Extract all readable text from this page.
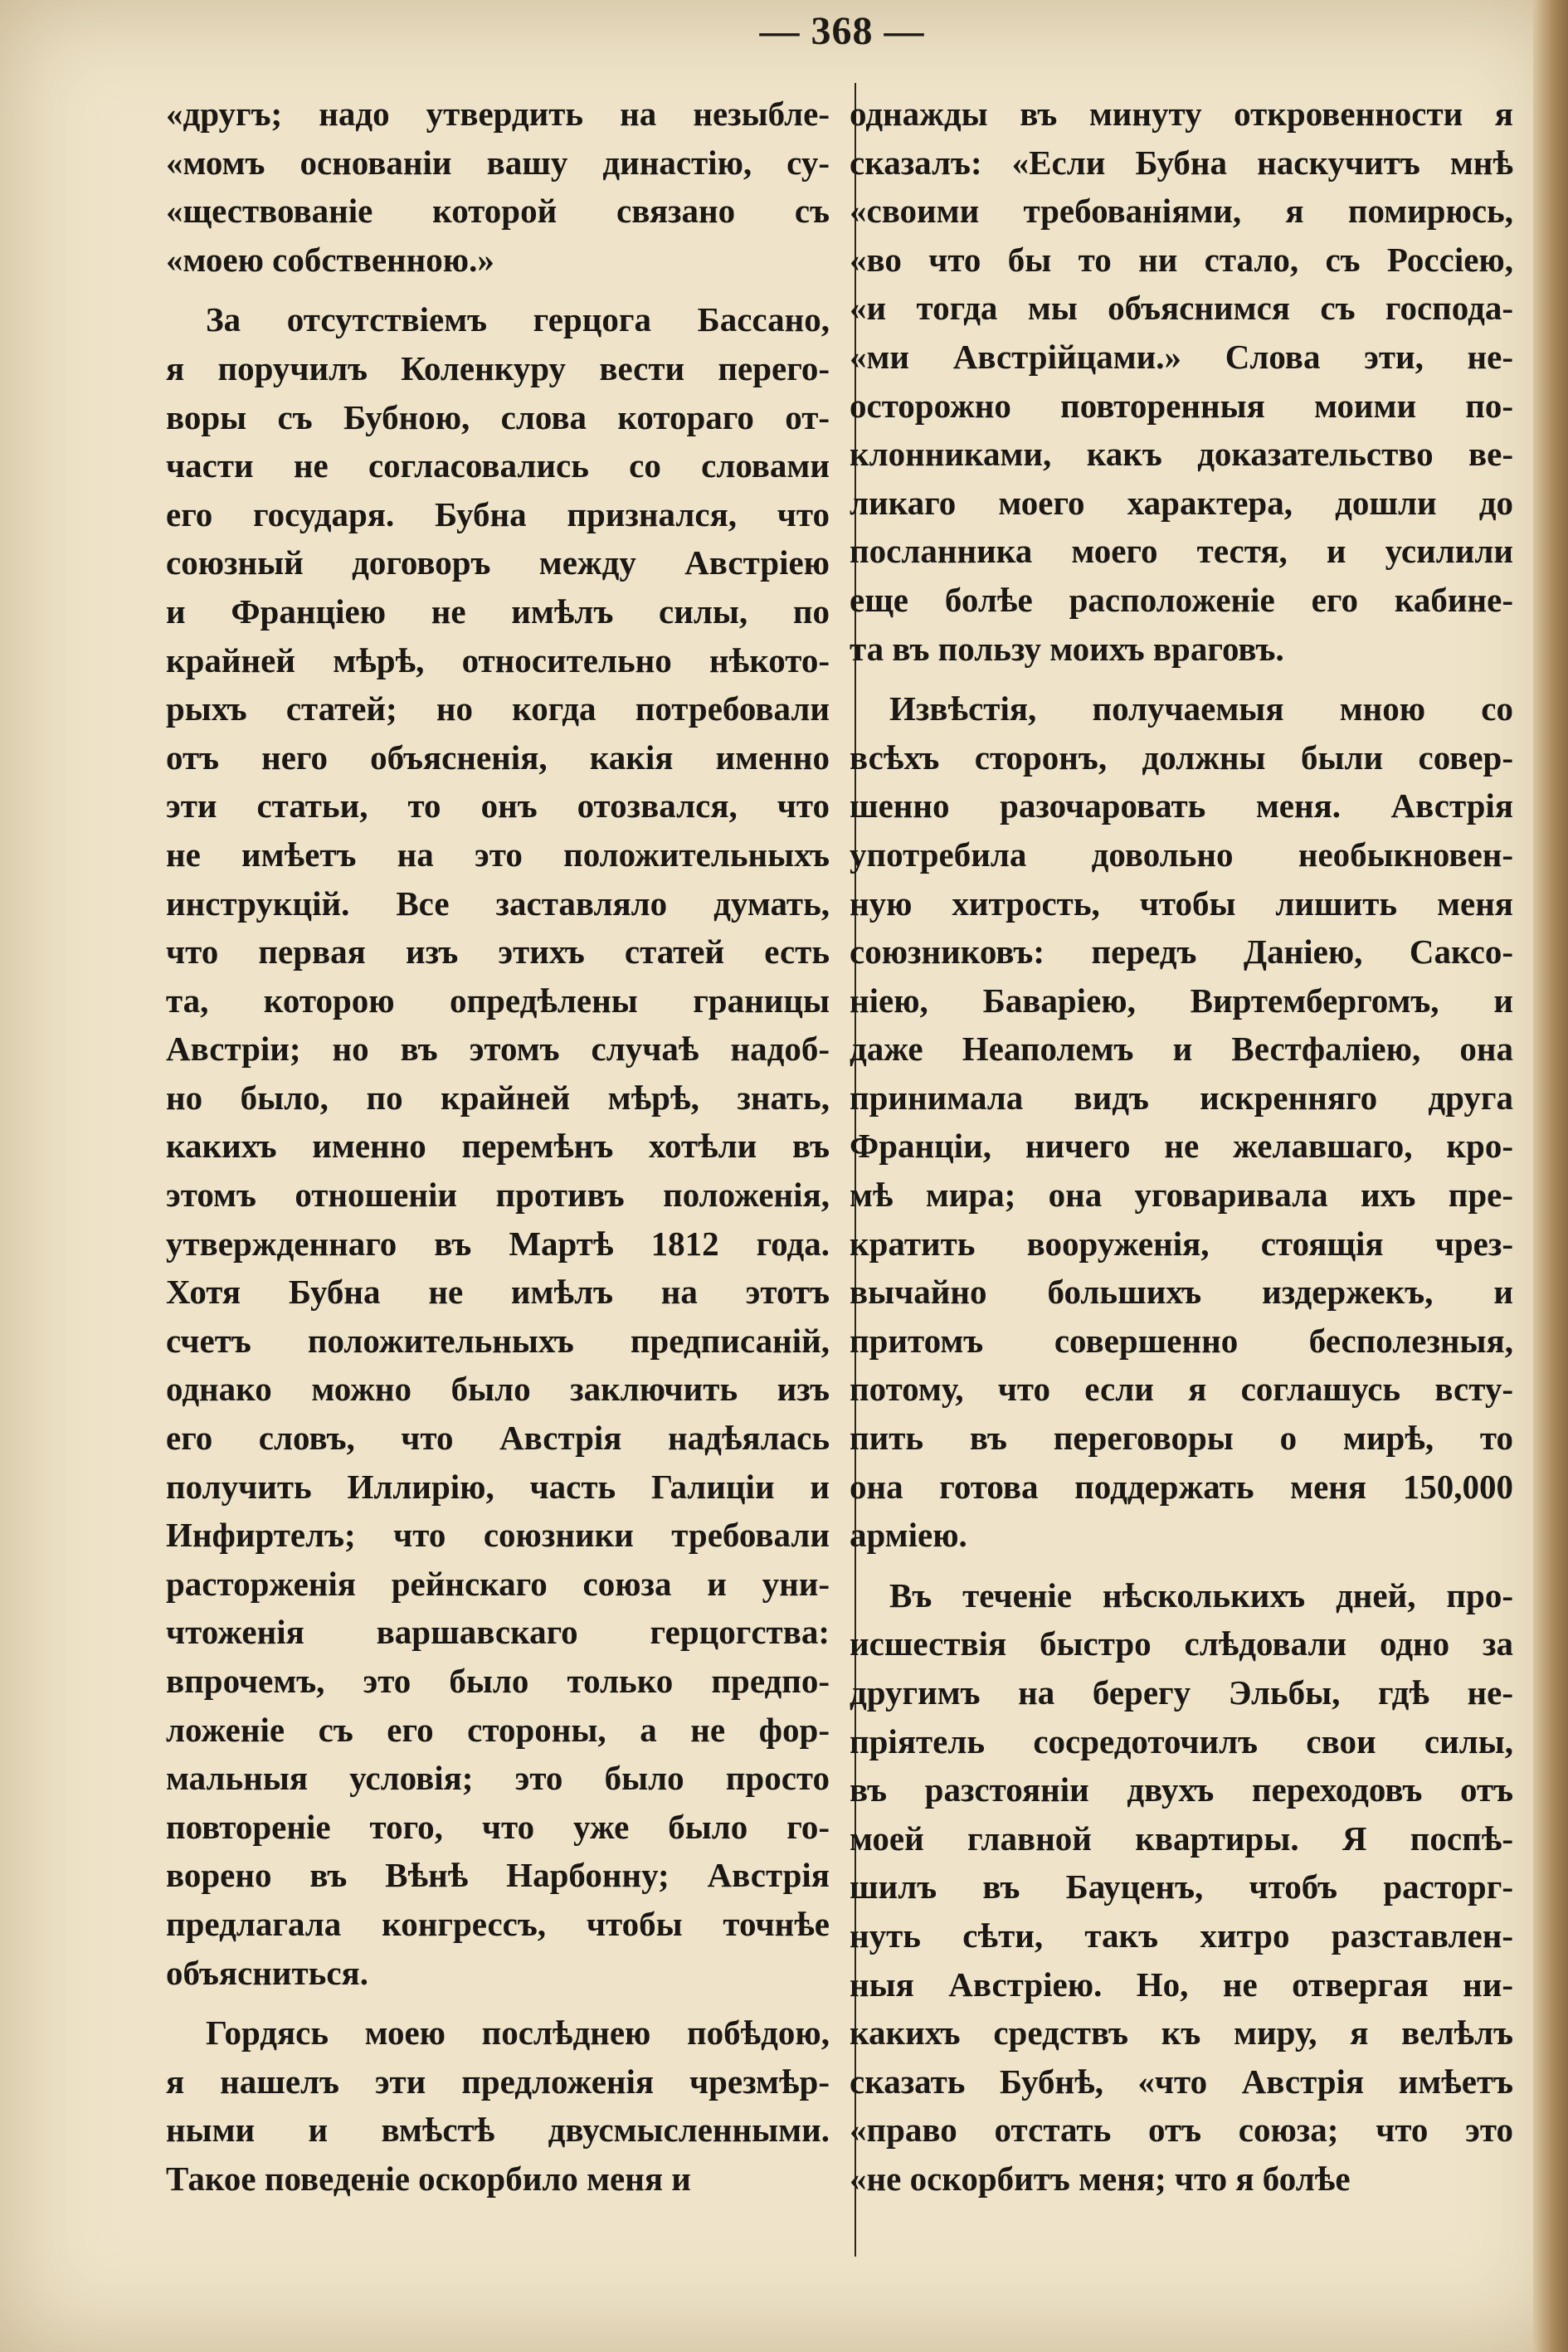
— 368 —

«другъ; надо утвердить на незыбле-
«момъ основаніи вашу династію, су-
«ществованіе которой связано съ
«моею собственною.»

За отсутствіемъ герцога Бассано,
я поручилъ Коленкуру вести перего-
воры съ Бубною, слова котораго от-
части не согласовались со словами
его государя. Бубна признался, что
союзный договоръ между Австріею
и Франціею не имѣлъ силы, по
крайней мѣрѣ, относительно нѣкото-
рыхъ статей; но когда потребовали
отъ него объясненія, какія именно
эти статьи, то онъ отозвался, что
не имѣетъ на это положительныхъ
инструкцій. Все заставляло думать,
что первая изъ этихъ статей есть
та, которою опредѣлены границы
Австріи; но въ этомъ случаѣ надоб-
но было, по крайней мѣрѣ, знать,
какихъ именно перемѣнъ хотѣли въ
этомъ отношеніи противъ положенія,
утвержденнаго въ Мартѣ 1812 года.
Хотя Бубна не имѣлъ на этотъ
счетъ положительныхъ предписаній,
однако можно было заключить изъ
его словъ, что Австрія надѣялась
получить Иллирію, часть Галиціи и
Инфиртелъ; что союзники требовали
расторженія рейнскаго союза и уни-
чтоженія варшавскаго герцогства:
впрочемъ, это было только предпо-
ложеніе съ его стороны, а не фор-
мальныя условія; это было просто
повтореніе того, что уже было го-
ворено въ Вѣнѣ Нарбонну; Австрія
предлагала конгрессъ, чтобы точнѣе
объясниться.

Гордясь моею послѣднею побѣдою,
я нашелъ эти предложенія чрезмѣр-
ными и вмѣстѣ двусмысленными.
Такое поведеніе оскорбило меня и

однажды въ минуту откровенности я
сказалъ: «Если Бубна наскучитъ мнѣ
«своими требованіями, я помирюсь,
«во что бы то ни стало, съ Россіею,
«и тогда мы объяснимся съ господа-
«ми Австрійцами.» Слова эти, не-
осторожно повторенныя моими по-
клонниками, какъ доказательство ве-
ликаго моего характера, дошли до
посланника моего тестя, и усилили
еще болѣе расположеніе его кабине-
та въ пользу моихъ враговъ.

Извѣстія, получаемыя мною со
всѣхъ сторонъ, должны были совер-
шенно разочаровать меня. Австрія
употребила довольно необыкновен-
ную хитрость, чтобы лишить меня
союзниковъ: передъ Даніею, Саксо-
ніею, Баваріею, Виртембергомъ, и
даже Неаполемъ и Вестфаліею, она
принимала видъ искренняго друга
Франціи, ничего не желавшаго, кро-
мѣ мира; она уговаривала ихъ пре-
кратить вооруженія, стоящія чрез-
вычайно большихъ издержекъ, и
притомъ совершенно бесполезныя,
потому, что если я соглашусь всту-
пить въ переговоры о мирѣ, то
она готова поддержать меня 150,000
арміею.

Въ теченіе нѣсколькихъ дней, про-
исшествія быстро слѣдовали одно за
другимъ на берегу Эльбы, гдѣ не-
пріятель сосредоточилъ свои силы,
въ разстояніи двухъ переходовъ отъ
моей главной квартиры. Я поспѣ-
шилъ въ Бауценъ, чтобъ расторг-
нуть сѣти, такъ хитро разставлен-
ныя Австріею. Но, не отвергая ни-
какихъ средствъ къ миру, я велѣлъ
сказать Бубнѣ, «что Австрія имѣетъ
«право отстать отъ союза; что это
«не оскорбитъ меня; что я болѣе
